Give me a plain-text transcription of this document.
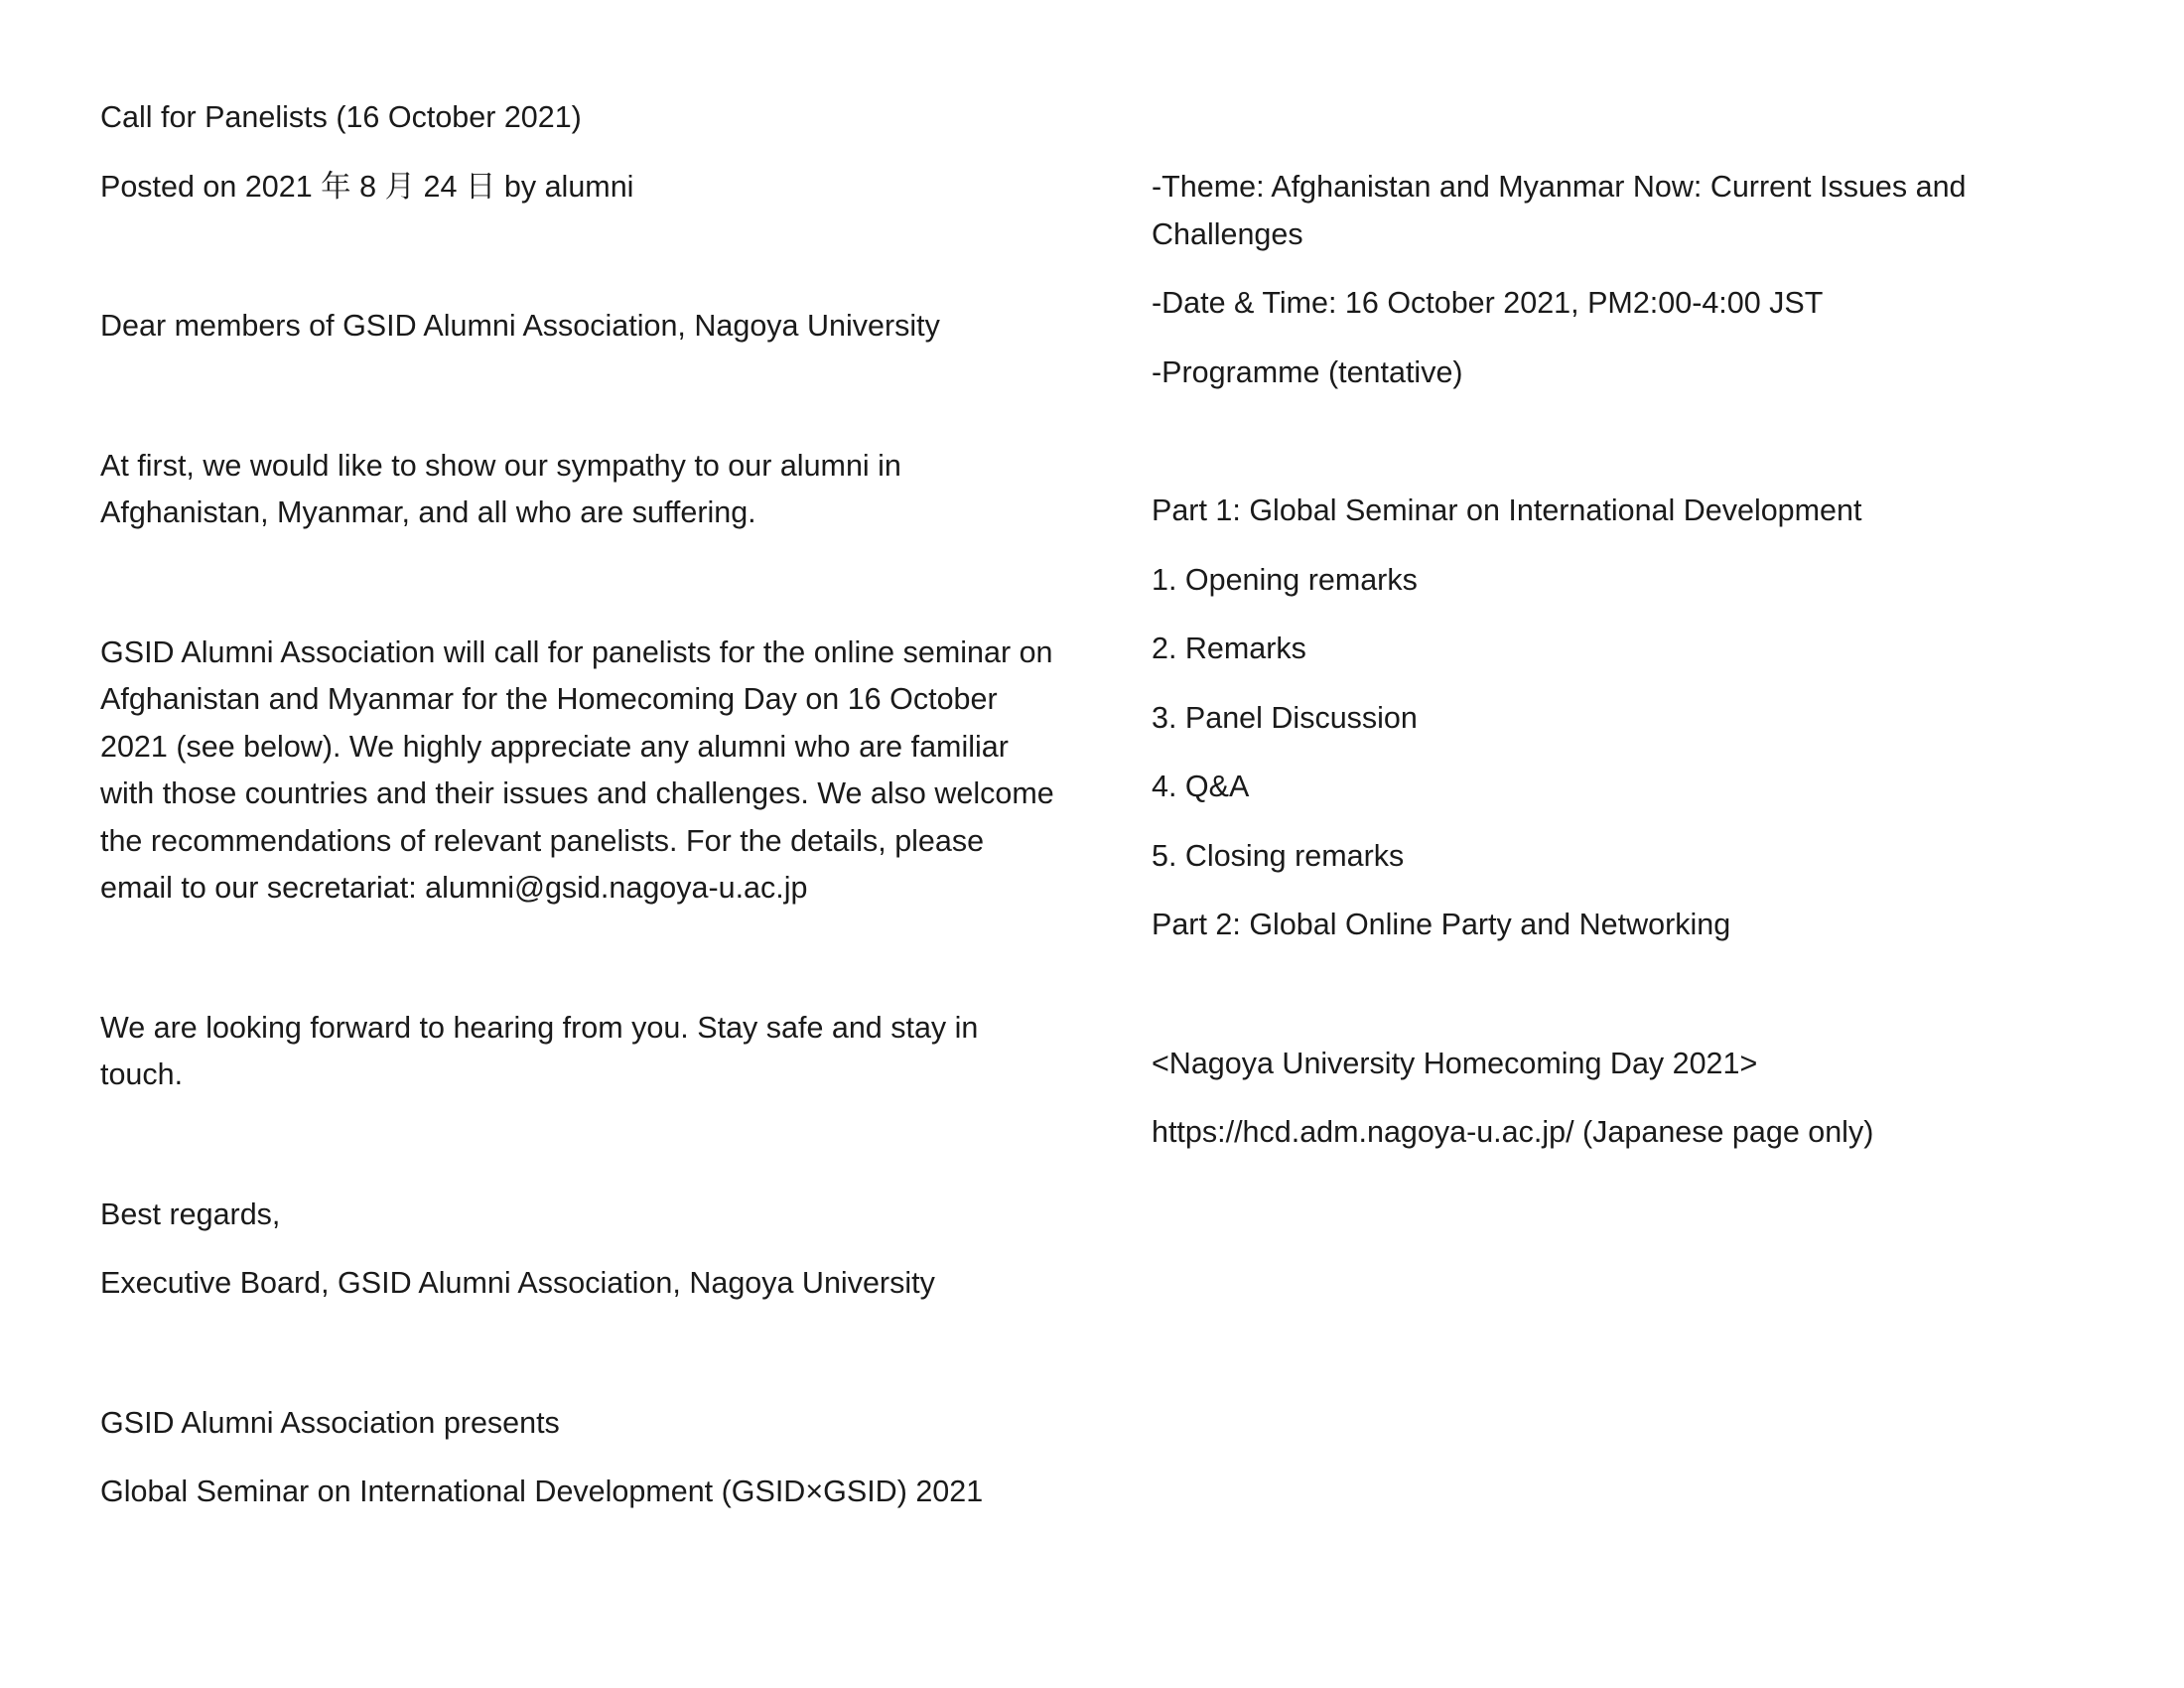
Call for Panelists (16 October 2021)

Posted on 2021 年 8 月 24 日 by alumni

Dear members of GSID Alumni Association, Nagoya University

At first, we would like to show our sympathy to our alumni in Afghanistan, Myanmar, and all who are suffering.

GSID Alumni Association will call for panelists for the online seminar on Afghanistan and Myanmar for the Homecoming Day on 16 October 2021 (see below). We highly appreciate any alumni who are familiar with those countries and their issues and challenges. We also welcome the recommendations of relevant panelists. For the details, please email to our secretariat: alumni@gsid.nagoya-u.ac.jp

We are looking forward to hearing from you. Stay safe and stay in touch.

Best regards,

Executive Board, GSID Alumni Association, Nagoya University

GSID Alumni Association presents

Global Seminar on International Development (GSID×GSID) 2021

-Theme: Afghanistan and Myanmar Now: Current Issues and Challenges

-Date & Time: 16 October 2021, PM2:00-4:00 JST

-Programme (tentative)

Part 1: Global Seminar on International Development

1. Opening remarks

2. Remarks

3. Panel Discussion

4. Q&A

5. Closing remarks

Part 2: Global Online Party and Networking

<Nagoya University Homecoming Day 2021>

https://hcd.adm.nagoya-u.ac.jp/ (Japanese page only)
